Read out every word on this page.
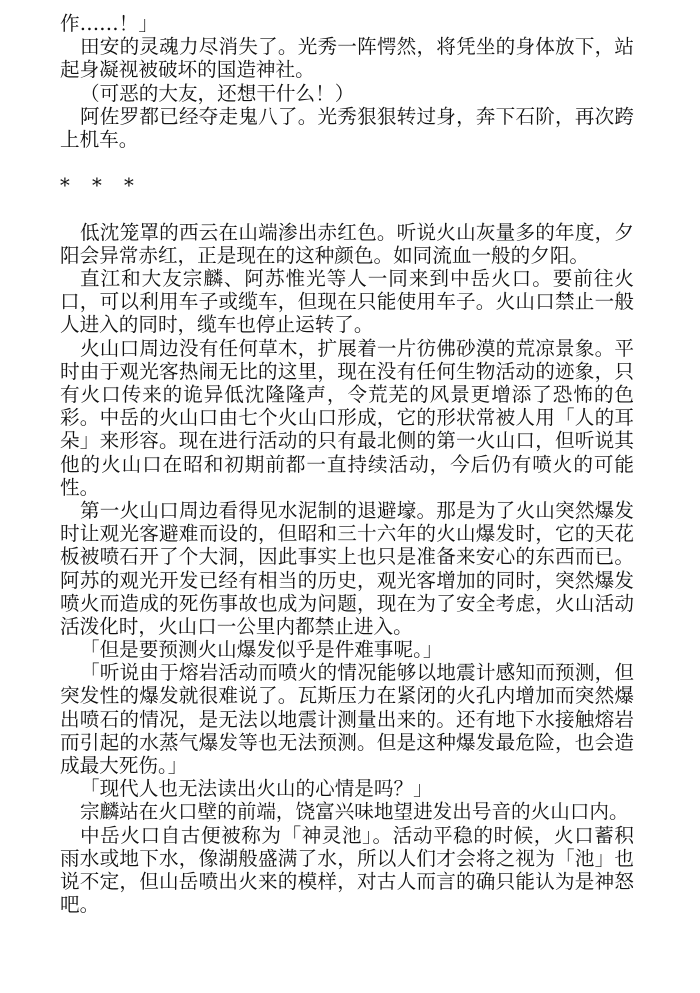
作……！」
田安的灵魂力尽消失了。光秀一阵愕然，将凭坐的身体放下，站
起身凝视被破坏的国造神社。
（可恶的大友，还想干什么！）
阿佐罗都已经夺走鬼八了。光秀狠狠转过身，奔下石阶，再次跨
上机车。
* * *
低沈笼罩的西云在山端渗出赤红色。听说火山灰量多的年度，夕
阳会异常赤红，正是现在的这种颜色。如同流血一般的夕阳。
直江和大友宗麟、阿苏惟光等人一同来到中岳火口。要前往火
口，可以利用车子或缆车，但现在只能使用车子。火山口禁止一般
人进入的同时，缆车也停止运转了。
火山口周边没有任何草木，扩展着一片彷佛砂漠的荒凉景象。平
时由于观光客热闹无比的这里，现在没有任何生物活动的迹象，只
有火口传来的诡异低沈隆隆声，令荒芜的风景更增添了恐怖的色
彩。中岳的火山口由七个火山口形成，它的形状常被人用「人的耳
朵」来形容。现在进行活动的只有最北侧的第一火山口，但听说其
他的火山口在昭和初期前都一直持续活动，今后仍有喷火的可能
性。
第一火山口周边看得见水泥制的退避壕。那是为了火山突然爆发
时让观光客避难而设的，但昭和三十六年的火山爆发时，它的天花
板被喷石开了个大洞，因此事实上也只是准备来安心的东西而已。
阿苏的观光开发已经有相当的历史，观光客增加的同时，突然爆发
喷火而造成的死伤事故也成为问题，现在为了安全考虑，火山活动
活泼化时，火山口一公里内都禁止进入。
「但是要预测火山爆发似乎是件难事呢。」
「听说由于熔岩活动而喷火的情况能够以地震计感知而预测，但
突发性的爆发就很难说了。瓦斯压力在紧闭的火孔内增加而突然爆
出喷石的情况，是无法以地震计测量出来的。还有地下水接触熔岩
而引起的水蒸气爆发等也无法预测。但是这种爆发最危险，也会造
成最大死伤。」
「现代人也无法读出火山的心情是吗？」
宗麟站在火口壁的前端，饶富兴味地望进发出号音的火山口内。
中岳火口自古便被称为「神灵池」。活动平稳的时候，火口蓄积
雨水或地下水，像湖般盛满了水，所以人们才会将之视为「池」也
说不定，但山岳喷出火来的模样，对古人而言的确只能认为是神怒
吧。
